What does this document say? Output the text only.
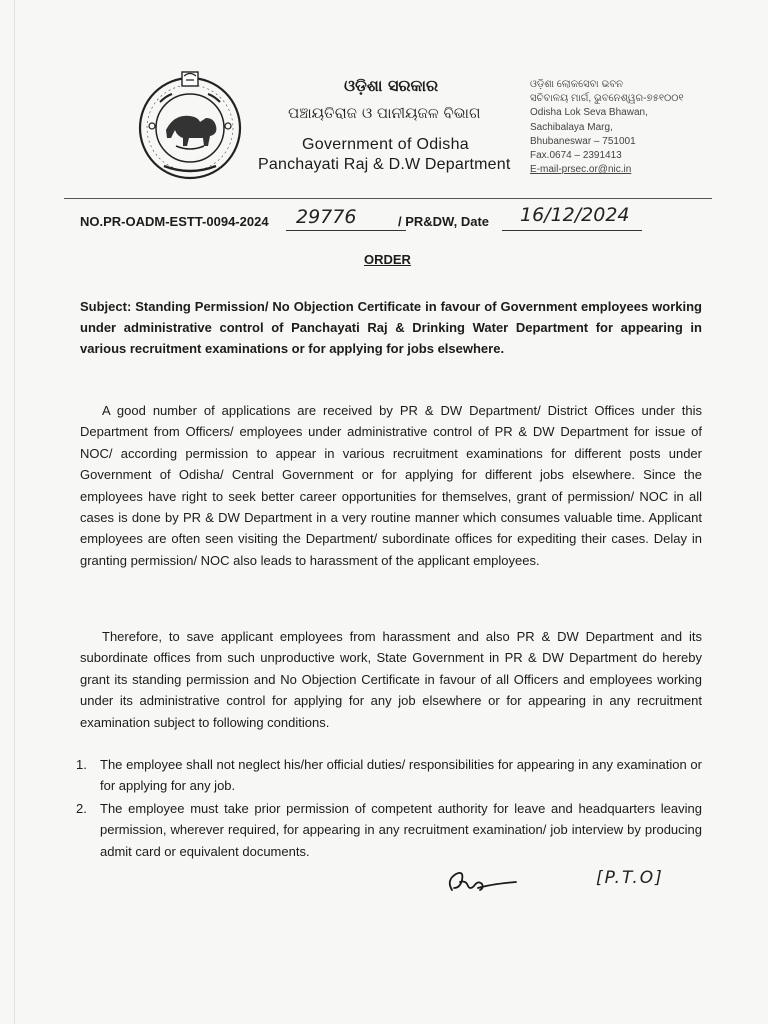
ଓଡ଼ିଶା ସରକାର
ପଞ୍ଚାୟତିରାଜ ଓ ପାନୀୟଜଳ ବିଭାଗ
Government of Odisha
Panchayati Raj & D.W Department
ଓଡ଼ିଶା ଲୋକସେବା ଭବନ
ସଚିବାଳୟ ମାର୍ଗ, ଭୁବନେଶ୍ୱର-୭୫୧୦୦୧
Odisha Lok Seva Bhawan,
Sachibalaya Marg,
Bhubaneswar – 751001
Fax.0674 – 2391413
E-mail-prsec.or@nic.in
NO.PR-OADM-ESTT-0094-2024 29776	/ PR&DW, Date 16/12/2024
ORDER
Subject: Standing Permission/ No Objection Certificate in favour of Government employees working under administrative control of Panchayati Raj & Drinking Water Department for appearing in various recruitment examinations or for applying for jobs elsewhere.
A good number of applications are received by PR & DW Department/ District Offices under this Department from Officers/ employees under administrative control of PR & DW Department for issue of NOC/ according permission to appear in various recruitment examinations for different posts under Government of Odisha/ Central Government or for applying for different jobs elsewhere. Since the employees have right to seek better career opportunities for themselves, grant of permission/ NOC in all cases is done by PR & DW Department in a very routine manner which consumes valuable time. Applicant employees are often seen visiting the Department/ subordinate offices for expediting their cases. Delay in granting permission/ NOC also leads to harassment of the applicant employees.
Therefore, to save applicant employees from harassment and also PR & DW Department and its subordinate offices from such unproductive work, State Government in PR & DW Department do hereby grant its standing permission and No Objection Certificate in favour of all Officers and employees working under its administrative control for applying for any job elsewhere or for appearing in any recruitment examination subject to following conditions.
1. The employee shall not neglect his/her official duties/ responsibilities for appearing in any examination or for applying for any job.
2. The employee must take prior permission of competent authority for leave and headquarters leaving permission, wherever required, for appearing in any recruitment examination/ job interview by producing admit card or equivalent documents.
[P.T.O]
